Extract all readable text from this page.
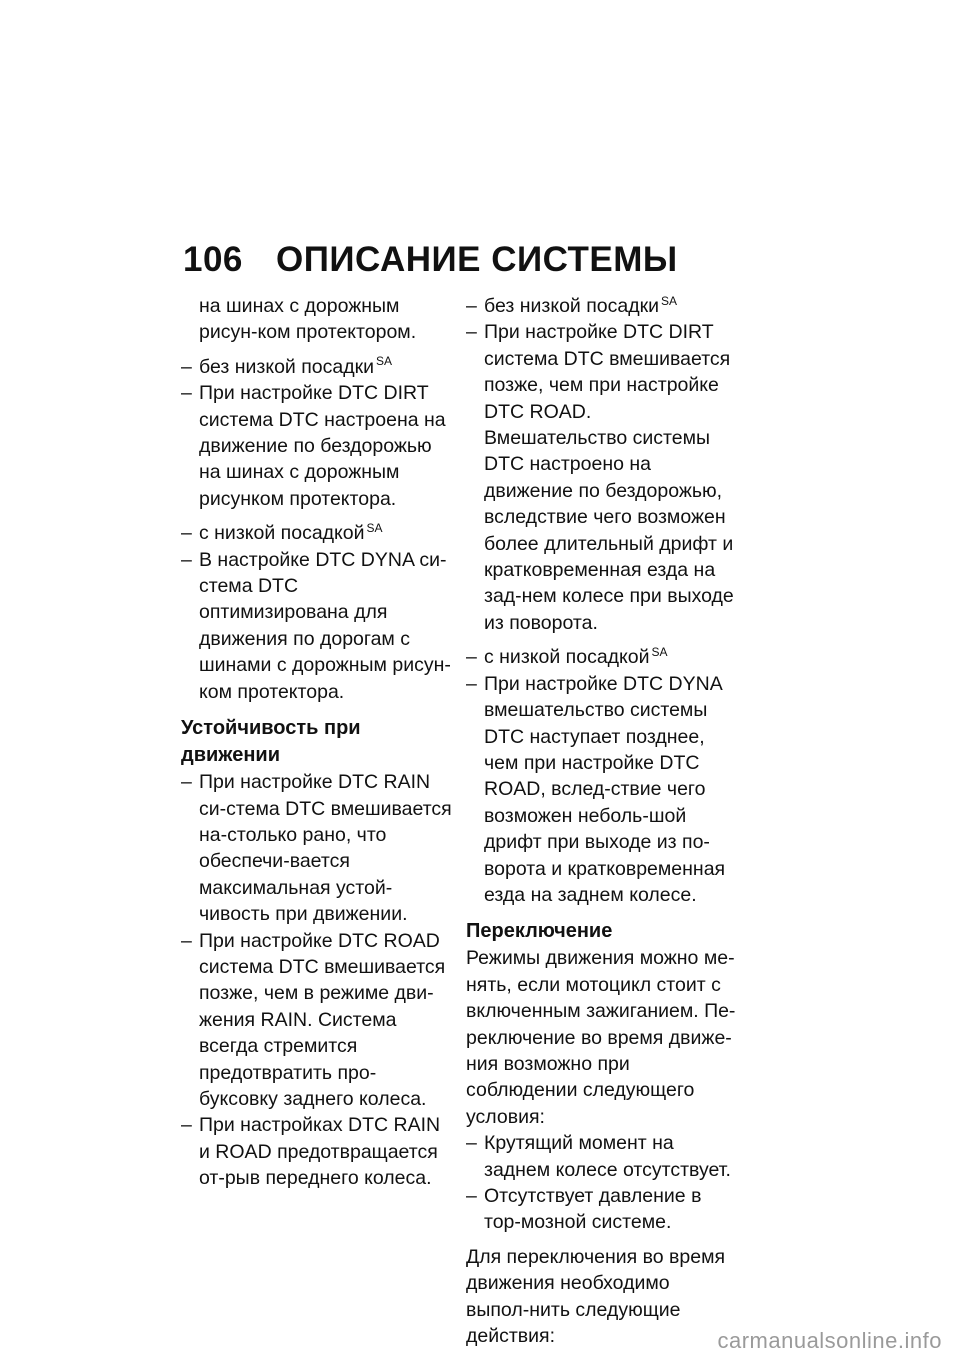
106 ОПИСАНИЕ СИСТЕМЫ
на шинах с дорожным рисун-ком протектором.
– без низкой посадки $^{SA}$
– При настройке DTC DIRT система DTC настроена на движение по бездорожью на шинах с дорожным рисунком протектора.
– с низкой посадкой $^{SA}$
– В настройке DTC DYNA си-стема DTC оптимизирована для движения по дорогам с шинами с дорожным рисун-ком протектора.
Устойчивость при движении
– При настройке DTC RAIN си-стема DTC вмешивается на-столько рано, что обеспечи-вается максимальная устой-чивость при движении.
– При настройке DTC ROAD система DTC вмешивается позже, чем в режиме дви-жения RAIN. Система всегда стремится предотвратить про-буксовку заднего колеса.
– При настройках DTC RAIN и ROAD предотвращается от-рыв переднего колеса.
– без низкой посадки $^{SA}$
– При настройке DTC DIRT система DTC вмешивается позже, чем при настройке DTC ROAD. Вмешательство системы DTC настроено на движение по бездорожью, вследствие чего возможен более длительный дрифт и кратковременная езда на зад-нем колесе при выходе из поворота.
– с низкой посадкой $^{SA}$
– При настройке DTC DYNA вмешательство системы DTC наступает позднее, чем при настройке DTC ROAD, вслед-ствие чего возможен неболь-шой дрифт при выходе из по-ворота и кратковременная езда на заднем колесе.
Переключение
Режимы движения можно ме-нять, если мотоцикл стоит с включенным зажиганием. Пе-реключение во время движе-ния возможно при соблюдении следующего условия:
– Крутящий момент на заднем колесе отсутствует.
– Отсутствует давление в тор-мозной системе.
Для переключения во время движения необходимо выпол-нить следующие действия:	carmanualsonline.info
